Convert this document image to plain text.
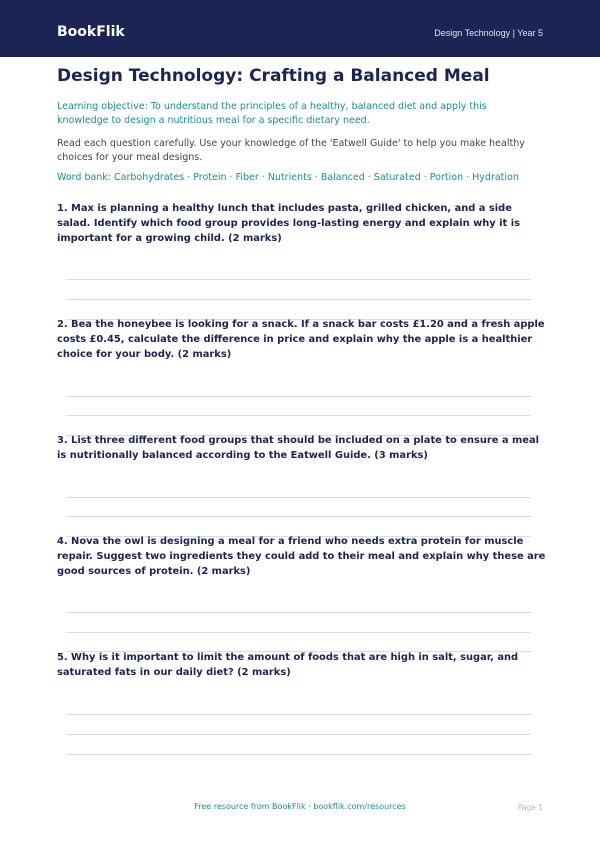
BookFlik	Design Technology | Year 5
Design Technology: Crafting a Balanced Meal
Learning objective: To understand the principles of a healthy, balanced diet and apply this knowledge to design a nutritious meal for a specific dietary need.
Read each question carefully. Use your knowledge of the 'Eatwell Guide' to help you make healthy choices for your meal designs.
Word bank: Carbohydrates · Protein · Fiber · Nutrients · Balanced · Saturated · Portion · Hydration
1. Max is planning a healthy lunch that includes pasta, grilled chicken, and a side salad. Identify which food group provides long-lasting energy and explain why it is important for a growing child. (2 marks)
2. Bea the honeybee is looking for a snack. If a snack bar costs £1.20 and a fresh apple costs £0.45, calculate the difference in price and explain why the apple is a healthier choice for your body. (2 marks)
3. List three different food groups that should be included on a plate to ensure a meal is nutritionally balanced according to the Eatwell Guide. (3 marks)
4. Nova the owl is designing a meal for a friend who needs extra protein for muscle repair. Suggest two ingredients they could add to their meal and explain why these are good sources of protein. (2 marks)
5. Why is it important to limit the amount of foods that are high in salt, sugar, and saturated fats in our daily diet? (2 marks)
Free resource from BookFlik · bookflik.com/resources	Page 1
